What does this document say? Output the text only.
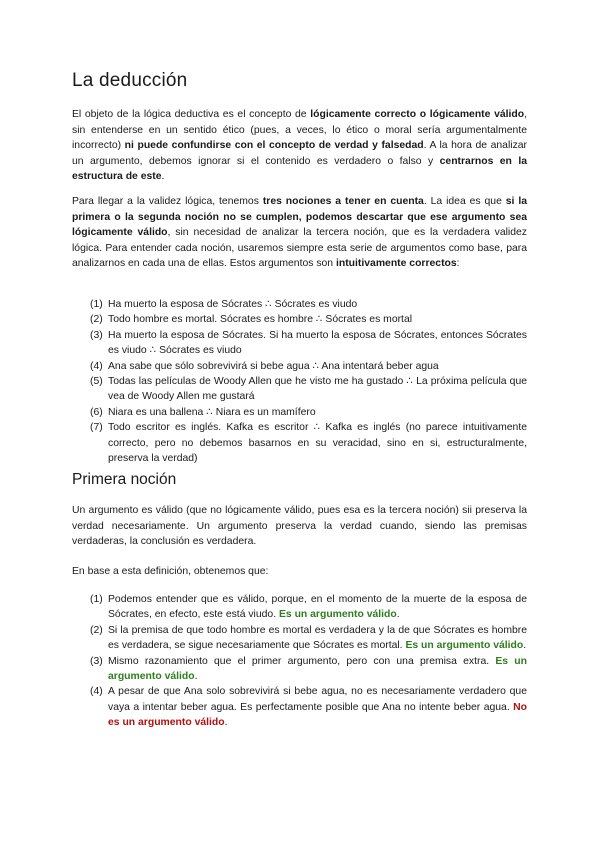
La deducción

El objeto de la lógica deductiva es el concepto de lógicamente correcto o lógicamente válido, sin entenderse en un sentido ético (pues, a veces, lo ético o moral sería argumentalmente incorrecto) ni puede confundirse con el concepto de verdad y falsedad. A la hora de analizar un argumento, debemos ignorar si el contenido es verdadero o falso y centrarnos en la estructura de este.

Para llegar a la validez lógica, tenemos tres nociones a tener en cuenta. La idea es que si la primera o la segunda noción no se cumplen, podemos descartar que ese argumento sea lógicamente válido, sin necesidad de analizar la tercera noción, que es la verdadera validez lógica. Para entender cada noción, usaremos siempre esta serie de argumentos como base, para analizarnos en cada una de ellas. Estos argumentos son intuitivamente correctos:

(1) Ha muerto la esposa de Sócrates ∴ Sócrates es viudo
(2) Todo hombre es mortal. Sócrates es hombre ∴ Sócrates es mortal
(3) Ha muerto la esposa de Sócrates. Si ha muerto la esposa de Sócrates, entonces Sócrates es viudo ∴ Sócrates es viudo
(4) Ana sabe que sólo sobrevivirá si bebe agua ∴ Ana intentará beber agua
(5) Todas las películas de Woody Allen que he visto me ha gustado ∴ La próxima película que vea de Woody Allen me gustará
(6) Niara es una ballena ∴ Niara es un mamífero
(7) Todo escritor es inglés. Kafka es escritor ∴ Kafka es inglés (no parece intuitivamente correcto, pero no debemos basarnos en su veracidad, sino en si, estructuralmente, preserva la verdad)
Primera noción

Un argumento es válido (que no lógicamente válido, pues esa es la tercera noción) sii preserva la verdad necesariamente. Un argumento preserva la verdad cuando, siendo las premisas verdaderas, la conclusión es verdadera.

En base a esta definición, obtenemos que:

(1) Podemos entender que es válido, porque, en el momento de la muerte de la esposa de Sócrates, en efecto, este está viudo. Es un argumento válido.
(2) Si la premisa de que todo hombre es mortal es verdadera y la de que Sócrates es hombre es verdadera, se sigue necesariamente que Sócrates es mortal. Es un argumento válido.
(3) Mismo razonamiento que el primer argumento, pero con una premisa extra. Es un argumento válido.
(4) A pesar de que Ana solo sobrevivirá si bebe agua, no es necesariamente verdadero que vaya a intentar beber agua. Es perfectamente posible que Ana no intente beber agua. No es un argumento válido.
